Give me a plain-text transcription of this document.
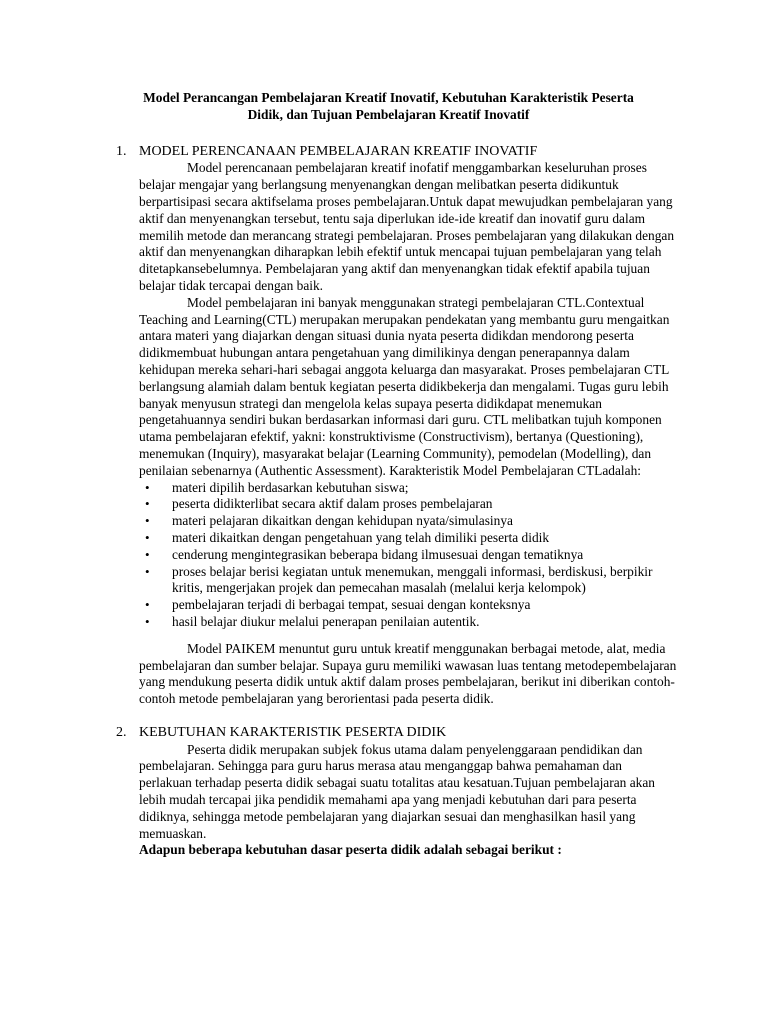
Model Perancangan Pembelajaran Kreatif Inovatif, Kebutuhan Karakteristik Peserta
Didik, dan Tujuan Pembelajaran Kreatif Inovatif
1. MODEL PERENCANAAN PEMBELAJARAN KREATIF INOVATIF

Model perencanaan pembelajaran kreatif inofatif menggambarkan keseluruhan proses belajar mengajar yang berlangsung menyenangkan dengan melibatkan peserta didikuntuk berpartisipasi secara aktifselama proses pembelajaran.Untuk dapat mewujudkan pembelajaran yang aktif dan menyenangkan tersebut, tentu saja diperlukan ide-ide kreatif dan inovatif guru dalam memilih metode dan merancang strategi pembelajaran. Proses pembelajaran yang dilakukan dengan aktif dan menyenangkan diharapkan lebih efektif untuk mencapai tujuan pembelajaran yang telah ditetapkansebelumnya. Pembelajaran yang aktif dan menyenangkan tidak efektif apabila tujuan belajar tidak tercapai dengan baik.

Model pembelajaran ini banyak menggunakan strategi pembelajaran CTL.Contextual Teaching and Learning(CTL) merupakan merupakan pendekatan yang membantu guru mengaitkan antara materi yang diajarkan dengan situasi dunia nyata peserta didikdan mendorong peserta didikmembuat hubungan antara pengetahuan yang dimilikinya dengan penerapannya dalam kehidupan mereka sehari-hari sebagai anggota keluarga dan masyarakat. Proses pembelajaran CTL berlangsung alamiah dalam bentuk kegiatan peserta didikbekerja dan mengalami. Tugas guru lebih banyak menyusun strategi dan mengelola kelas supaya peserta didikdapat menemukan pengetahuannya sendiri bukan berdasarkan informasi dari guru. CTL melibatkan tujuh komponen utama pembelajaran efektif, yakni: konstruktivisme (Constructivism), bertanya (Questioning), menemukan (Inquiry), masyarakat belajar (Learning Community), pemodelan (Modelling), dan penilaian sebenarnya (Authentic Assessment). Karakteristik Model Pembelajaran CTLadalah:

• materi dipilih berdasarkan kebutuhan siswa;
• peserta didikterlibat secara aktif dalam proses pembelajaran
• materi pelajaran dikaitkan dengan kehidupan nyata/simulasinya
• materi dikaitkan dengan pengetahuan yang telah dimiliki peserta didik
• cenderung mengintegrasikan beberapa bidang ilmusesuai dengan tematiknya
• proses belajar berisi kegiatan untuk menemukan, menggali informasi, berdiskusi, berpikir kritis, mengerjakan projek dan pemecahan masalah (melalui kerja kelompok)
• pembelajaran terjadi di berbagai tempat, sesuai dengan konteksnya
• hasil belajar diukur melalui penerapan penilaian autentik.

Model PAIKEM menuntut guru untuk kreatif menggunakan berbagai metode, alat, media pembelajaran dan sumber belajar. Supaya guru memiliki wawasan luas tentang metodepembelajaran yang mendukung peserta didik untuk aktif dalam proses pembelajaran, berikut ini diberikan contoh-contoh metode pembelajaran yang berorientasi pada peserta didik.

2. KEBUTUHAN KARAKTERISTIK PESERTA DIDIK

Peserta didik merupakan subjek fokus utama dalam penyelenggaraan pendidikan dan pembelajaran. Sehingga para guru harus merasa atau menganggap bahwa pemahaman dan perlakuan terhadap peserta didik sebagai suatu totalitas atau kesatuan.Tujuan pembelajaran akan lebih mudah tercapai jika pendidik memahami apa yang menjadi kebutuhan dari para peserta didiknya, sehingga metode pembelajaran yang diajarkan sesuai dan menghasilkan hasil yang memuaskan.

Adapun beberapa kebutuhan dasar peserta didik adalah sebagai berikut :
